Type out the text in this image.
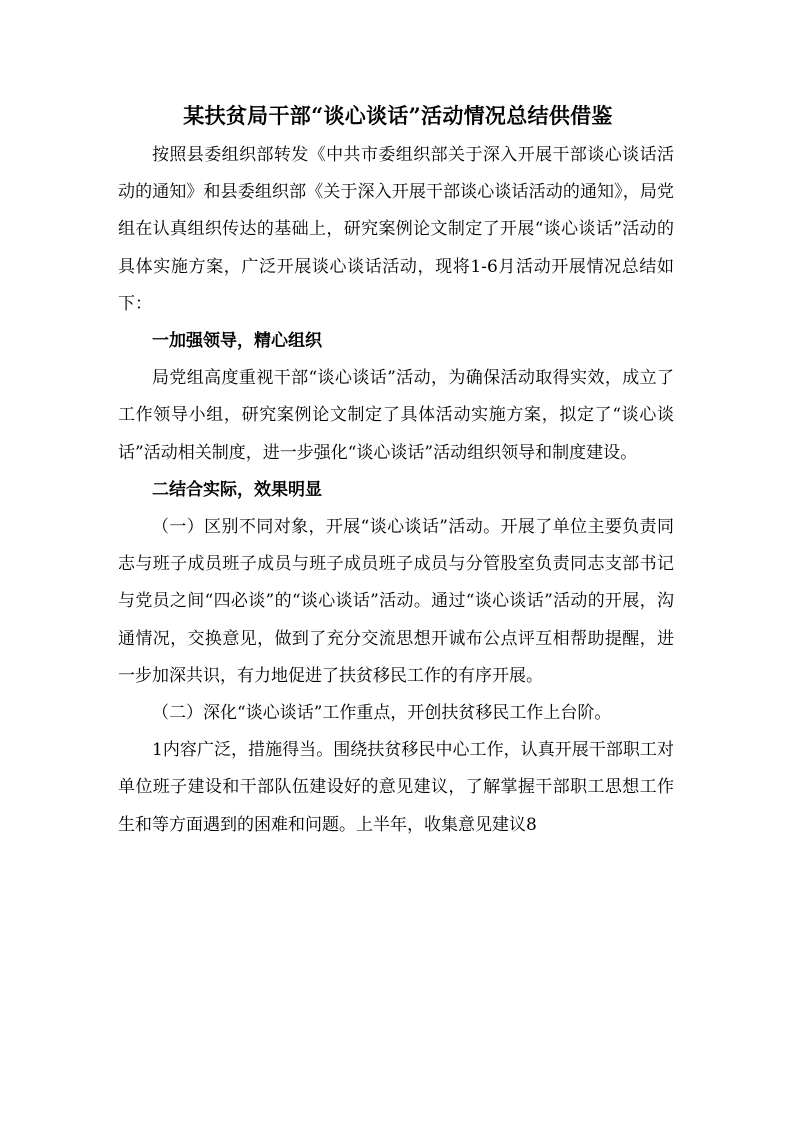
某扶贫局干部“谈心谈话”活动情况总结供借鉴

按照县委组织部转发《中共市委组织部关于深入开展干部谈心谈话活动的通知》和县委组织部《关于深入开展干部谈心谈话活动的通知》，局党组在认真组织传达的基础上，研究案例论文制定了开展“谈心谈话”活动的具体实施方案，广泛开展谈心谈话活动，现将1-6月活动开展情况总结如下：

一加强领导，精心组织

局党组高度重视干部“谈心谈话”活动，为确保活动取得实效，成立了工作领导小组，研究案例论文制定了具体活动实施方案，拟定了“谈心谈话”活动相关制度，进一步强化“谈心谈话”活动组织领导和制度建设。

二结合实际，效果明显

（一）区别不同对象，开展“谈心谈话”活动。开展了单位主要负责同志与班子成员班子成员与班子成员班子成员与分管股室负责同志支部书记与党员之间“四必谈”的“谈心谈话”活动。通过“谈心谈话”活动的开展，沟通情况，交换意见，做到了充分交流思想开诚布公点评互相帮助提醒，进一步加深共识，有力地促进了扶贫移民工作的有序开展。

（二）深化“谈心谈话”工作重点，开创扶贫移民工作上台阶。

1内容广泛，措施得当。围绕扶贫移民中心工作，认真开展干部职工对单位班子建设和干部队伍建设好的意见建议，了解掌握干部职工思想工作生和等方面遇到的困难和问题。上半年，收集意见建议8
